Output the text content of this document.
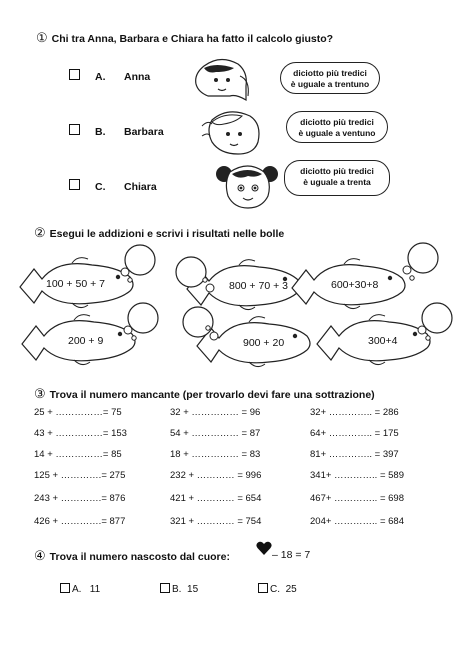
① Chi tra Anna, Barbara e Chiara ha fatto il calcolo giusto?
A. Anna	diciotto più tredici
è uguale a trentuno
B. Barbara
diciotto più tredici
è uguale a ventuno
C. Chiara
diciotto più tredici
è uguale a trenta
② Esegui le addizioni e scrivi i risultati nelle bolle
100 + 50 + 7	800 + 70 + 3	600+30+8
200 + 9	900 + 20	300+4
③ Trova il numero mancante (per trovarlo devi fare una sottrazione)
25 + ……………= 75	32 + …………… = 96	32+ ………….. = 286
43 + ……………= 153	54 + …………… = 87	64+ ………….. = 175
14 + ……………= 85	18 + …………… = 83	81+ ………….. = 397
125 + ………….= 275	232 + ………… = 996	341+ ………….. = 589
243 + ………….= 876	421 + ………… = 654	467+ ………….. = 698
426 + ………….= 877	321 + ………… = 754	204+ ………….. = 684
④ Trova il numero nascosto dal cuore:	– 18 = 7
A. 11	B. 15	C. 25
